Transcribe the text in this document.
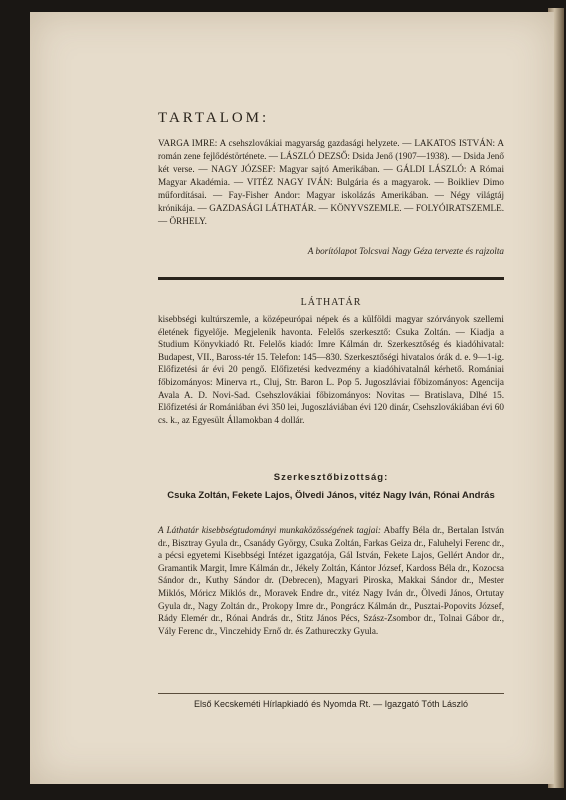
TARTALOM:
VARGA IMRE: A csehszlovákiai magyarság gazdasági helyzete. — LAKATOS ISTVÁN: A román zene fejlődéstörténete. — LÁSZLÓ DEZSŐ: Dsida Jenő (1907—1938). — Dsida Jenő két verse. — NAGY JÓZSEF: Magyar sajtó Amerikában. — GÁLDI LÁSZLÓ: A Római Magyar Akadémia. — VITÉZ NAGY IVÁN: Bulgária és a magyarok. — Boikliev Dimo műfordításai. — Fay-Fisher Andor: Magyar iskolázás Amerikában. — Négy világtáj krónikája. — GAZDASÁGI LÁTHATÁR. — KÖNYVSZEMLE. — FOLYÓIRATSZEMLE. — ÖRHELY.
A borítólapot Tolcsvai Nagy Géza tervezte és rajzolta
LÁTHATÁR
kisebbségi kultúrszemle, a középeurópai népek és a külföldi magyar szórványok szellemi életének figyelője. Megjelenik havonta. Felelős szerkesztő: Csuka Zoltán. — Kiadja a Studium Könyvkiadó Rt. Felelős kiadó: Imre Kálmán dr. Szerkesztőség és kiadóhivatal: Budapest, VII., Baross-tér 15. Telefon: 145—830. Szerkesztőségi hivatalos órák d. e. 9—1-ig. Előfizetési ár évi 20 pengő. Előfizetési kedvezmény a kiadóhivatalnál kérhető. Romániai főbizományos: Minerva rt., Cluj, Str. Baron L. Pop 5. Jugoszláviai főbizományos: Agencija Avala A. D. Novi-Sad. Csehszlovákiai főbizományos: Novitas — Bratislava, Dlhé 15. Előfizetési ár Romániában évi 350 lei, Jugoszláviában évi 120 dinár, Csehszlovákiában évi 60 cs. k., az Egyesült Államokban 4 dollár.
Szerkesztőbizottság:
Csuka Zoltán, Fekete Lajos, Ölvedi János, vitéz Nagy Iván, Rónai András
A Láthatár kisebbségtudományi munkaközösségének tagjai: Abaffy Béla dr., Bertalan István dr., Bisztray Gyula dr., Csanády György, Csuka Zoltán, Farkas Geiza dr., Faluhelyi Ferenc dr., a pécsi egyetemi Kisebbségi Intézet igazgatója, Gál István, Fekete Lajos, Gellért Andor dr., Gramantik Margit, Imre Kálmán dr., Jékely Zoltán, Kántor József, Kardoss Béla dr., Kozocsa Sándor dr., Kuthy Sándor dr. (Debrecen), Magyari Piroska, Makkai Sándor dr., Mester Miklós, Móricz Miklós dr., Moravek Endre dr., vitéz Nagy Iván dr., Ölvedi János, Ortutay Gyula dr., Nagy Zoltán dr., Prokopy Imre dr., Pongrácz Kálmán dr., Pusztai-Popovits József, Rády Elemér dr., Rónai András dr., Stitz János Pécs, Szász-Zsombor dr., Tolnai Gábor dr., Vály Ferenc dr., Vinczehidy Ernő dr. és Zathureczky Gyula.
Első Kecskeméti Hírlapkiadó és Nyomda Rt. — Igazgató Tóth László
